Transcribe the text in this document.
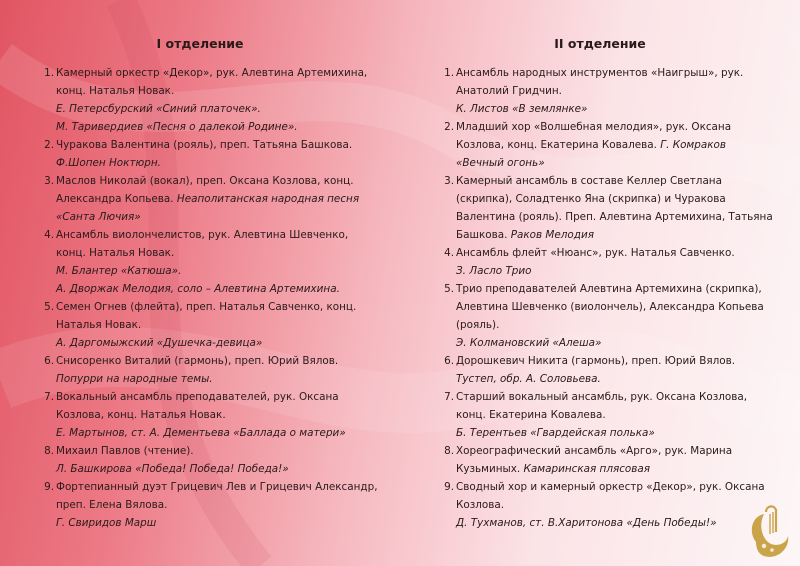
I отделение
1. Камерный оркестр «Декор», рук. Алевтина Артемихина,
конц. Наталья Новак.
Е. Петерсбурский «Синий платочек».
М. Таривердиев «Песня о далекой Родине».
2. Чуракова Валентина (рояль), преп. Татьяна Башкова.
Ф.Шопен Ноктюрн.
3. Маслов Николай (вокал), преп. Оксана Козлова, конц.
Александра Копьева. Неаполитанская народная песня
«Санта Лючия»
4. Ансамбль виолончелистов, рук. Алевтина Шевченко,
конц. Наталья Новак.
М. Блантер «Катюша».
А. Дворжак Мелодия, соло – Алевтина Артемихина.
5. Семен Огнев (флейта), преп. Наталья Савченко, конц.
Наталья Новак.
А. Даргомыжский «Душечка-девица»
6. Снисоренко Виталий (гармонь), преп. Юрий Вялов.
Попурри на народные темы.
7. Вокальный ансамбль преподавателей, рук. Оксана
Козлова, конц. Наталья Новак.
Е. Мартынов, ст. А. Дементьева «Баллада о матери»
8. Михаил Павлов (чтение).
Л. Башкирова «Победа! Победа! Победа!»
9. Фортепианный дуэт Грицевич Лев и Грицевич Александр,
преп. Елена Вялова.
Г. Свиридов Марш
II отделение
1. Ансамбль народных инструментов «Наигрыш», рук.
Анатолий Гридчин.
К. Листов «В землянке»
2. Младший хор «Волшебная мелодия», рук. Оксана
Козлова, конц. Екатерина Ковалева. Г. Комраков
«Вечный огонь»
3. Камерный ансамбль в составе Келлер Светлана
(скрипка), Соладтенко Яна (скрипка) и Чуракова
Валентина (рояль). Преп. Алевтина Артемихина, Татьяна
Башкова. Раков Мелодия
4. Ансамбль флейт «Нюанс», рук. Наталья Савченко.
З. Ласло Трио
5. Трио преподавателей Алевтина Артемихина (скрипка),
Алевтина Шевченко (виолончель), Александра Копьева
(рояль).
Э. Колмановский «Алеша»
6. Дорошкевич Никита (гармонь), преп. Юрий Вялов.
Тустеп, обр. А. Соловьева.
7. Старший вокальный ансамбль, рук. Оксана Козлова,
конц. Екатерина Ковалева.
Б. Терентьев «Гвардейская полька»
8. Хореографический ансамбль «Арго», рук. Марина
Кузьминых. Камаринская плясовая
9. Сводный хор и камерный оркестр «Декор», рук. Оксана
Козлова.
Д. Тухманов, ст. В.Харитонова «День Победы!»
